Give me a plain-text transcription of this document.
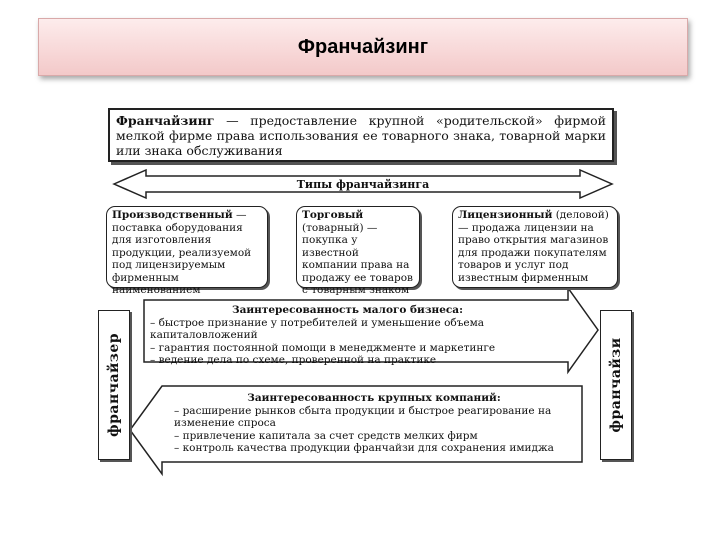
Франчайзинг
Франчайзинг — предоставление крупной «родительской» фирмой мелкой фирме права использования ее товарного знака, товарной марки или знака обслуживания
Типы франчайзинга
Производственный — поставка оборудования для изготовления продукции, реализуемой под лицензируемым фирменным наименованием
Торговый (товарный) — покупка у известной компании права на продажу ее товаров с товарным знаком
Лицензионный (деловой) — продажа лицензии на право открытия магазинов для продажи покупателям товаров и услуг под известным фирменным
франчайзер	франчайзи
Заинтересованность малого бизнеса:
– быстрое признание у потребителей и уменьшение объема капиталовложений
– гарантия постоянной помощи в менеджменте и маркетинге
– ведение дела по схеме, проверенной на практике
Заинтересованность крупных компаний:
– расширение рынков сбыта продукции и быстрое реагирование на изменение спроса
– привлечение капитала за счет средств мелких фирм
– контроль качества продукции франчайзи для сохранения имиджа
